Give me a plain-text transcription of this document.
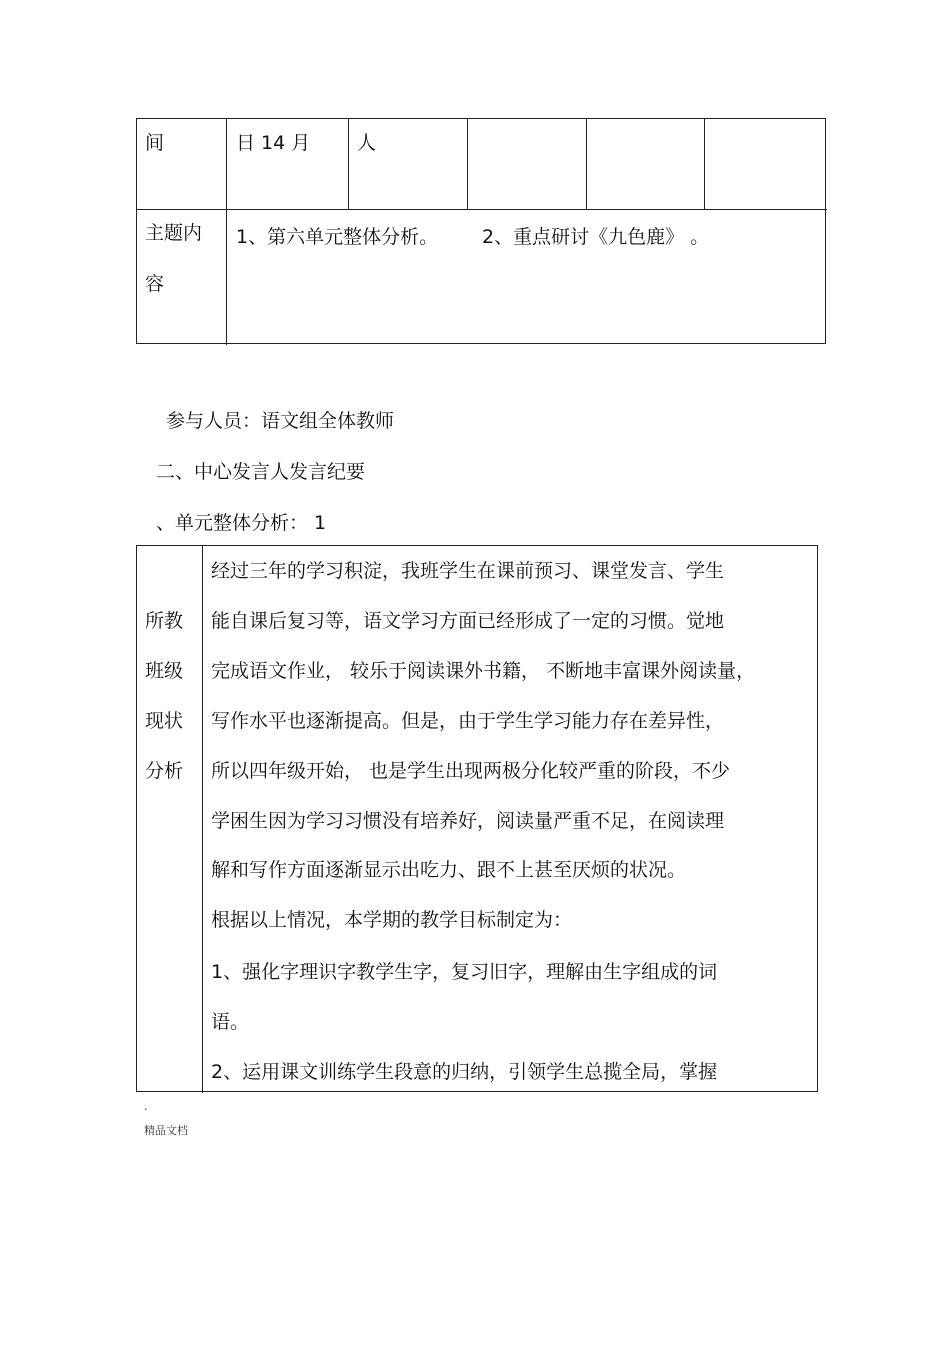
间	日 14 月 人
主题内
容
1、第六单元整体分析。 2、重点研讨《九色鹿》 。
参与人员：语文组全体教师
二、中心发言人发言纪要
、单元整体分析： 1
所教
班级
现状
分析
经过三年的学习积淀，我班学生在课前预习、课堂发言、学生
能自课后复习等，语文学习方面已经形成了一定的习惯。觉地
完成语文作业， 较乐于阅读课外书籍， 不断地丰富课外阅读量，
写作水平也逐渐提高。但是，由于学生学习能力存在差异性，
所以四年级开始， 也是学生出现两极分化较严重的阶段，不少
学困生因为学习习惯没有培养好，阅读量严重不足，在阅读理
解和写作方面逐渐显示出吃力、跟不上甚至厌烦的状况。
根据以上情况，本学期的教学目标制定为：
1、强化字理识字教学生字，复习旧字，理解由生字组成的词
语。
2、运用课文训练学生段意的归纳，引领学生总揽全局，掌握
.
精品文档
